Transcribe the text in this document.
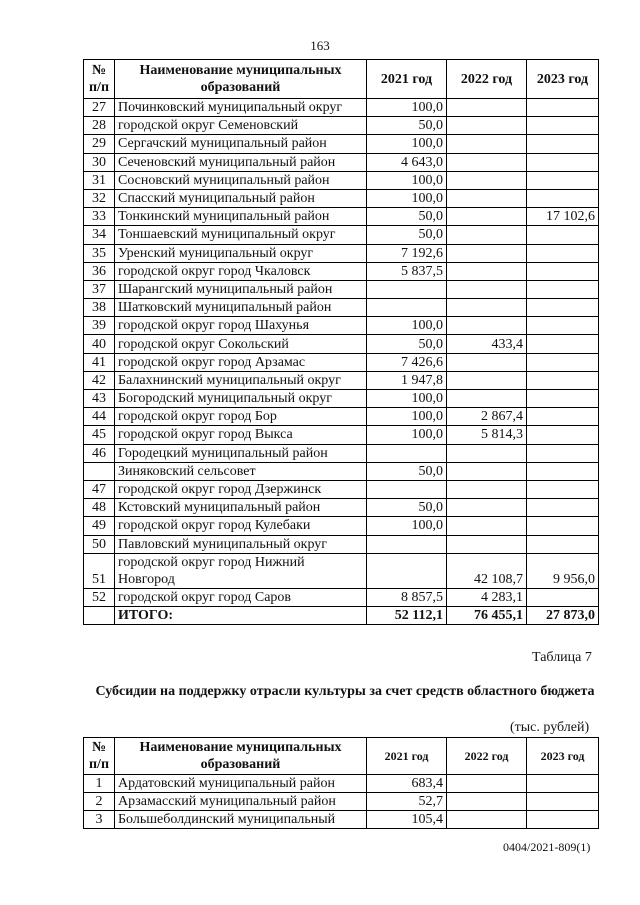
163
№ п/п	Наименование муниципальных образований	2021 год	2022 год	2023 год
27	Починковский муниципальный округ	100,0		
28	городской округ Семеновский	50,0		
29	Сергачский муниципальный район	100,0		
30	Сеченовский муниципальный район	4 643,0		
31	Сосновский муниципальный район	100,0		
32	Спасский муниципальный район	100,0		
33	Тонкинский муниципальный район	50,0		17 102,6
34	Тоншаевский муниципальный округ	50,0		
35	Уренский муниципальный округ	7 192,6		
36	городской округ город Чкаловск	5 837,5		
37	Шарангский муниципальный район			
38	Шатковский муниципальный район			
39	городской округ город Шахунья	100,0		
40	городской округ Сокольский	50,0	433,4	
41	городской округ город Арзамас	7 426,6		
42	Балахнинский муниципальный округ	1 947,8		
43	Богородский муниципальный округ	100,0		
44	городской округ город Бор	100,0	2 867,4	
45	городской округ город Выкса	100,0	5 814,3	
46	Городецкий муниципальный район			
	Зиняковский сельсовет	50,0		
47	городской округ город Дзержинск			
48	Кстовский муниципальный район	50,0		
49	городской округ город Кулебаки	100,0		
50	Павловский муниципальный округ			
51	городской округ город Нижний Новгород		42 108,7	9 956,0
52	городской округ город Саров	8 857,5	4 283,1	
	ИТОГО:	52 112,1	76 455,1	27 873,0
Таблица 7
Субсидии на поддержку отрасли культуры за счет средств областного бюджета
(тыс. рублей)
№ п/п	Наименование муниципальных образований	2021 год	2022 год	2023 год
1	Ардатовский муниципальный район	683,4		
2	Арзамасский муниципальный район	52,7		
3	Большеболдинский муниципальный	105,4		
0404/2021-809(1)
